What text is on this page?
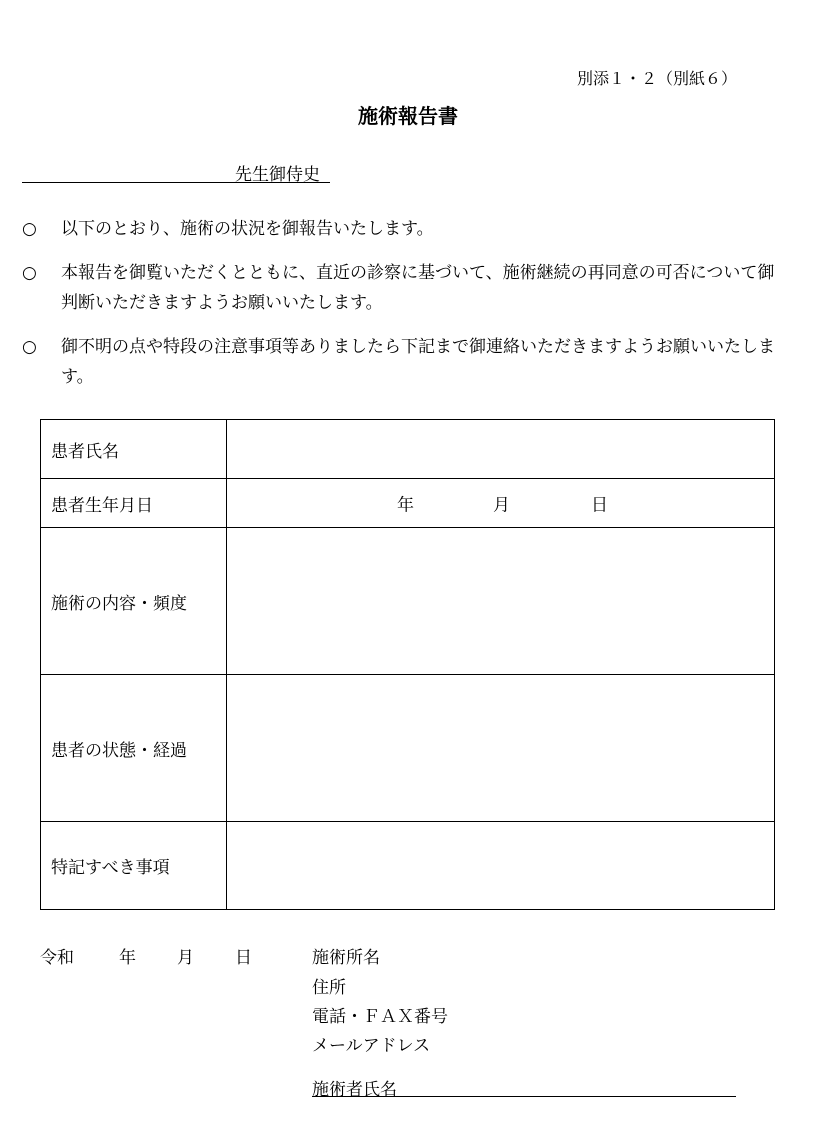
別添１・２（別紙６）
施術報告書
先生御侍史
○ 以下のとおり、施術の状況を御報告いたします。
○ 本報告を御覧いただくとともに、直近の診察に基づいて、施術継続の再同意の可否について御判断いただきますようお願いいたします。
○ 御不明の点や特段の注意事項等ありましたら下記まで御連絡いただきますようお願いいたします。
患者氏名	
患者生年月日	年 月 日

施術の内容・頻度	
患者の状態・経過	
特記すべき事項	
令和	年 月 日	施術所名
住所
電話・ＦＡＸ番号
メールアドレス
施術者氏名
